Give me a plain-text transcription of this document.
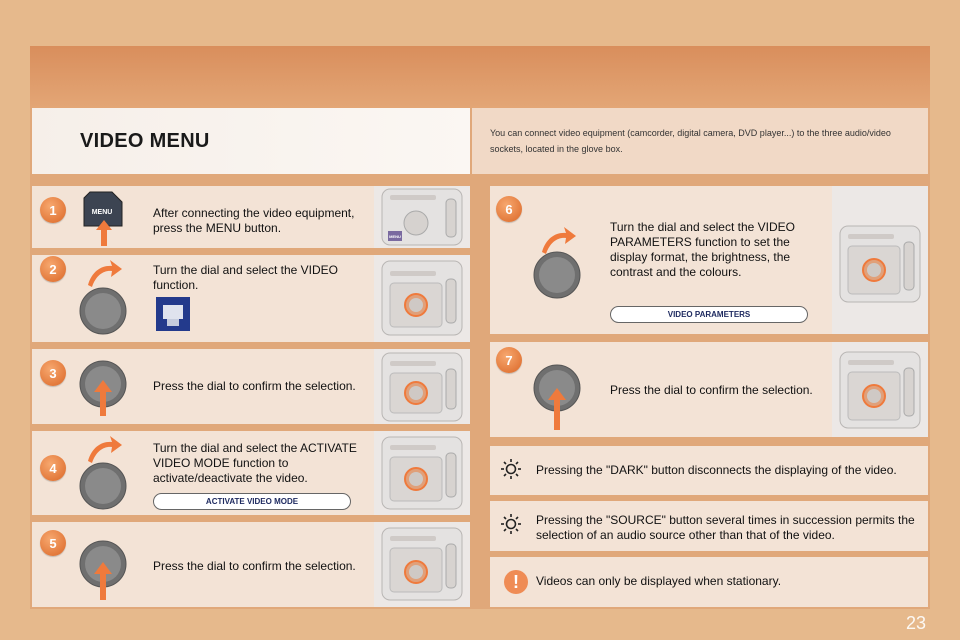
VIDEO MENU	You can connect video equipment (camcorder, digital camera, DVD player...) to the three audio/video sockets, located in the glove box.

1	MENU	After connecting the video equipment, press the MENU button.
MENU
2	Turn the dial and select the VIDEO function.
3
Press the dial to confirm the selection.
4
Turn the dial and select the ACTIVATE VIDEO MODE function to activate/deactivate the video.
ACTIVATE VIDEO MODE
5
Press the dial to confirm the selection.
6
Turn the dial and select the VIDEO PARAMETERS function to set the display format, the brightness, the contrast and the colours.
VIDEO PARAMETERS
7
Press the dial to confirm the selection.
Pressing the "DARK" button disconnects the displaying of the video.
Pressing the "SOURCE" button several times in succession permits the selection of an audio source other than that of the video.
!	Videos can only be displayed when stationary.
23
